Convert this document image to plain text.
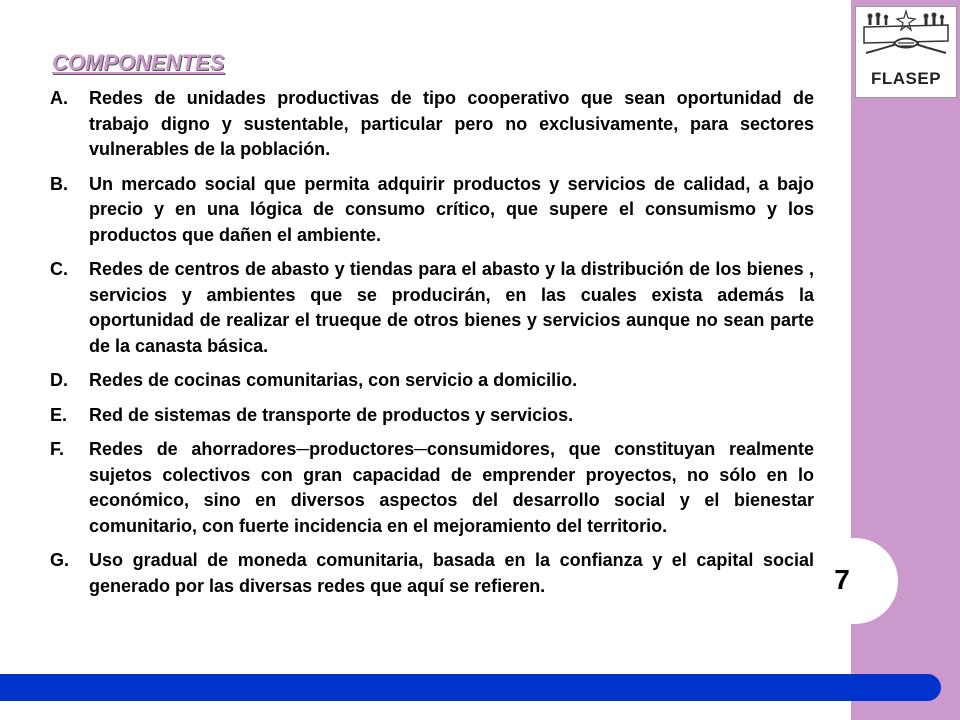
FLASEP
7
COMPONENTES
A.	Redes de unidades productivas de tipo cooperativo que sean oportunidad de trabajo digno y sustentable, particular pero no exclusivamente, para sectores vulnerables de la población.
B.	Un mercado social que permita adquirir productos y servicios de calidad, a bajo precio y en una lógica de consumo crítico, que supere el consumismo y los productos que dañen el ambiente.
C.	Redes de centros de abasto y tiendas para el abasto y la distribución de los bienes , servicios y ambientes que se producirán, en las cuales exista además la oportunidad de realizar el trueque de otros bienes y servicios aunque no sean parte de la canasta básica.
D.	Redes de cocinas comunitarias, con servicio a domicilio.
E.	Red de sistemas de transporte de productos y servicios.
F.	Redes de ahorradores─productores─consumidores, que constituyan realmente sujetos colectivos con gran capacidad de emprender proyectos, no sólo en lo económico, sino en diversos aspectos del desarrollo social y el bienestar comunitario, con fuerte incidencia en el mejoramiento del territorio.
G.	Uso gradual de moneda comunitaria, basada en la confianza y el capital social generado por las diversas redes que aquí se refieren.
